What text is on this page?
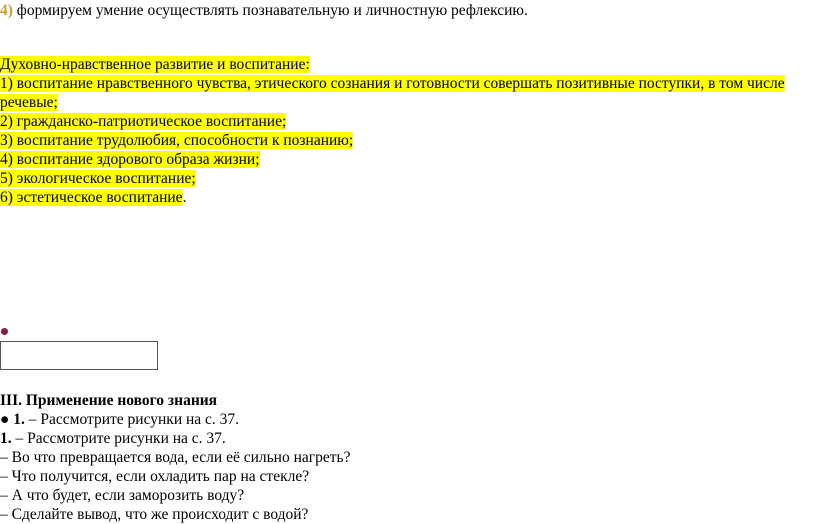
4) формируем умение осуществлять познавательную и личностную рефлексию.
Духовно-нравственное развитие и воспитание:
1) воспитание нравственного чувства, этического сознания и готовности совершать позитивные поступки, в том числе речевые;
2) гражданско-патриотическое воспитание;
3) воспитание трудолюбия, способности к познанию;
4) воспитание здорового образа жизни;
5) экологическое воспитание;
6) эстетическое воспитание.
III. Применение нового знания
● 1. – Рассмотрите рисунки на с. 37.
1. – Рассмотрите рисунки на с. 37.
– Во что превращается вода, если её сильно нагреть?
– Что получится, если охладить пар на стекле?
– А что будет, если заморозить воду?
– Сделайте вывод, что же происходит с водой?
